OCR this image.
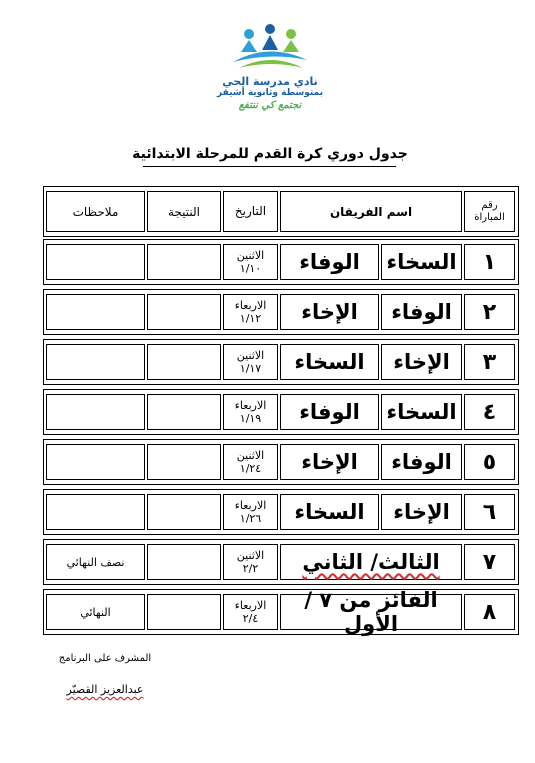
نادي مدرسة الحي
بمتوسطة وثانوية أشيقر
نجتمع كي ننتفع
جدول دوري كرة القدم للمرحلة الابتدائية
رقم
المباراة
اسم الفريقان
التاريخ
النتيجة
ملاحظات
١
السخاء
الوفاء
الاثنين
١/١٠
٢
الوفاء
الإخاء
الاربعاء
١/١٢
٣
الإخاء
السخاء
الاثنين
١/١٧
٤
السخاء
الوفاء
الاربعاء
١/١٩
٥
الوفاء
الإخاء
الاثنين
١/٢٤
٦
الإخاء
السخاء
الاربعاء
١/٢٦
٧
الثالث/ الثاني
الاثنين
٢/٢
نصف النهائي
٨
الفائز من ٧ /الأول
الاربعاء
٢/٤
النهائي
المشرف على البرنامج
عبدالعزيز القصيّر
